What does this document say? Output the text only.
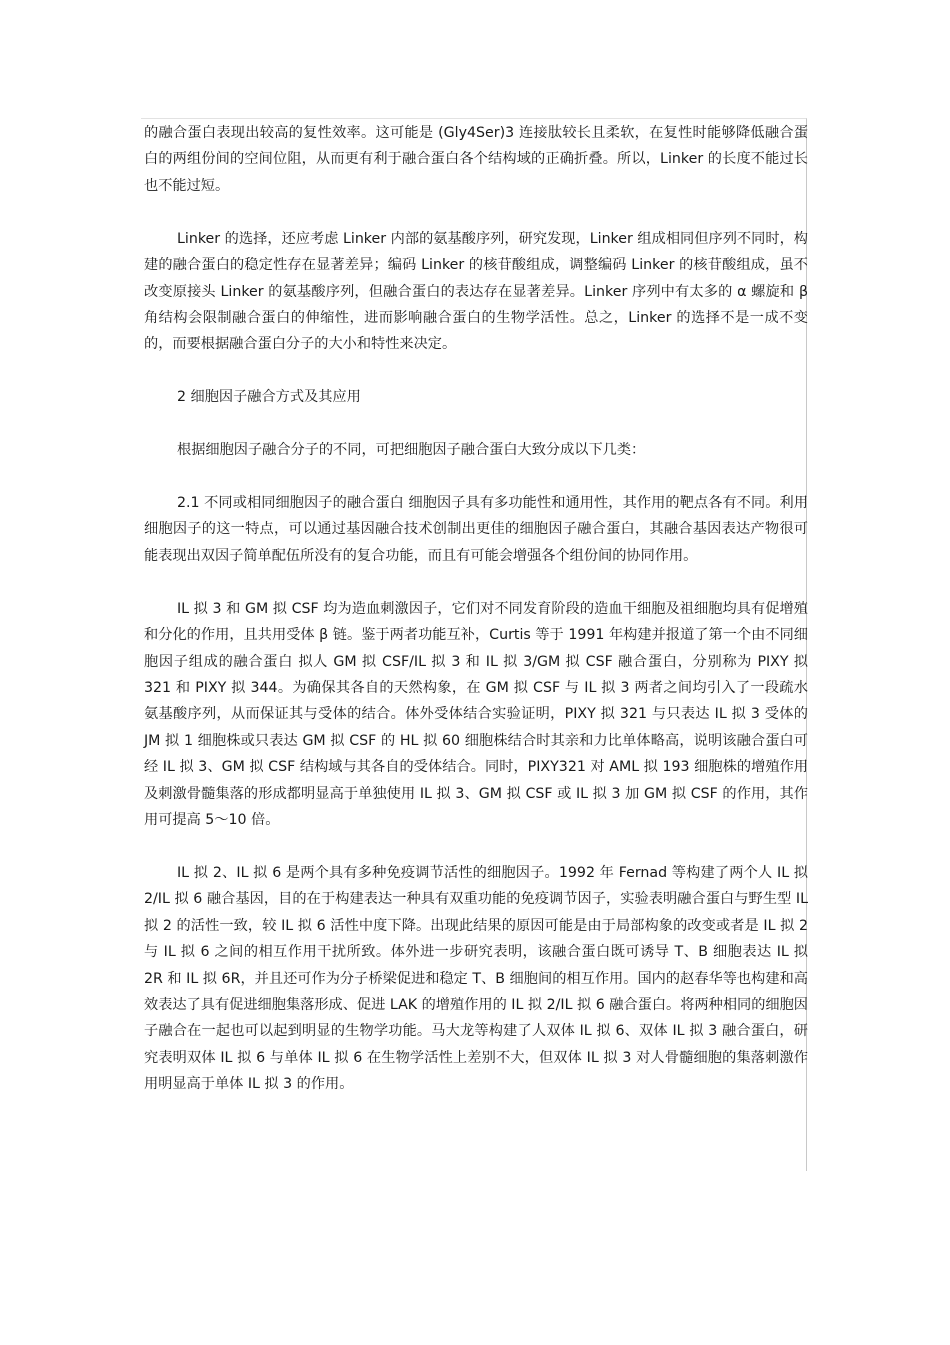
的融合蛋白表现出较高的复性效率。这可能是 (Gly4Ser)3 连接肽较长且柔软，在复性时能够降低融合蛋白的两组份间的空间位阻，从而更有利于融合蛋白各个结构域的正确折叠。所以，Linker 的长度不能过长也不能过短。

Linker 的选择，还应考虑 Linker 内部的氨基酸序列，研究发现，Linker 组成相同但序列不同时，构建的融合蛋白的稳定性存在显著差异；编码 Linker 的核苷酸组成，调整编码 Linker 的核苷酸组成，虽不改变原接头 Linker 的氨基酸序列，但融合蛋白的表达存在显著差异。Linker 序列中有太多的 α 螺旋和 β 角结构会限制融合蛋白的伸缩性，进而影响融合蛋白的生物学活性。总之，Linker 的选择不是一成不变的，而要根据融合蛋白分子的大小和特性来决定。

2 细胞因子融合方式及其应用

根据细胞因子融合分子的不同，可把细胞因子融合蛋白大致分成以下几类：

2.1 不同或相同细胞因子的融合蛋白 细胞因子具有多功能性和通用性，其作用的靶点各有不同。利用细胞因子的这一特点，可以通过基因融合技术创制出更佳的细胞因子融合蛋白，其融合基因表达产物很可能表现出双因子简单配伍所没有的复合功能，而且有可能会增强各个组份间的协同作用。

IL 拟 3 和 GM 拟 CSF 均为造血刺激因子，它们对不同发育阶段的造血干细胞及祖细胞均具有促增殖和分化的作用，且共用受体 β 链。鉴于两者功能互补，Curtis 等于 1991 年构建并报道了第一个由不同细胞因子组成的融合蛋白 拟人 GM 拟 CSF/IL 拟 3 和 IL 拟 3/GM 拟 CSF 融合蛋白，分别称为 PIXY 拟 321 和 PIXY 拟 344。为确保其各自的天然构象，在 GM 拟 CSF 与 IL 拟 3 两者之间均引入了一段疏水氨基酸序列，从而保证其与受体的结合。体外受体结合实验证明，PIXY 拟 321 与只表达 IL 拟 3 受体的 JM 拟 1 细胞株或只表达 GM 拟 CSF 的 HL 拟 60 细胞株结合时其亲和力比单体略高，说明该融合蛋白可经 IL 拟 3、GM 拟 CSF 结构域与其各自的受体结合。同时，PIXY321 对 AML 拟 193 细胞株的增殖作用及刺激骨髓集落的形成都明显高于单独使用 IL 拟 3、GM 拟 CSF 或 IL 拟 3 加 GM 拟 CSF 的作用，其作用可提高 5～10 倍。

IL 拟 2、IL 拟 6 是两个具有多种免疫调节活性的细胞因子。1992 年 Fernad 等构建了两个人 IL 拟 2/IL 拟 6 融合基因，目的在于构建表达一种具有双重功能的免疫调节因子，实验表明融合蛋白与野生型 IL 拟 2 的活性一致，较 IL 拟 6 活性中度下降。出现此结果的原因可能是由于局部构象的改变或者是 IL 拟 2 与 IL 拟 6 之间的相互作用干扰所致。体外进一步研究表明，该融合蛋白既可诱导 T、B 细胞表达 IL 拟 2R 和 IL 拟 6R，并且还可作为分子桥梁促进和稳定 T、B 细胞间的相互作用。国内的赵春华等也构建和高效表达了具有促进细胞集落形成、促进 LAK 的增殖作用的 IL 拟 2/IL 拟 6 融合蛋白。将两种相同的细胞因子融合在一起也可以起到明显的生物学功能。马大龙等构建了人双体 IL 拟 6、双体 IL 拟 3 融合蛋白，研究表明双体 IL 拟 6 与单体 IL 拟 6 在生物学活性上差别不大，但双体 IL 拟 3 对人骨髓细胞的集落刺激作用明显高于单体 IL 拟 3 的作用。
